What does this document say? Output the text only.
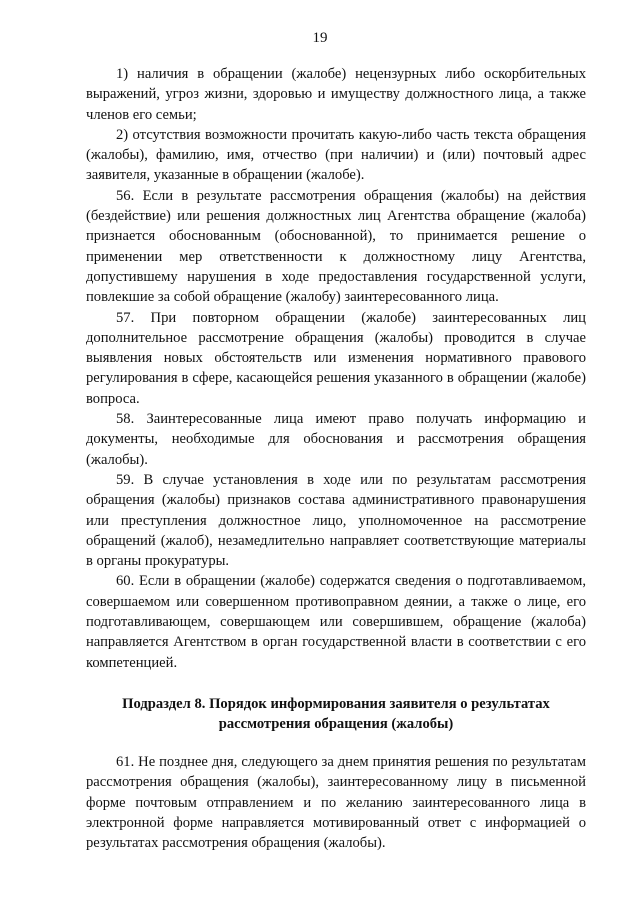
19

1) наличия в обращении (жалобе) нецензурных либо оскорбительных выражений, угроз жизни, здоровью и имуществу должностного лица, а также членов его семьи;

2) отсутствия возможности прочитать какую-либо часть текста обращения (жалобы), фамилию, имя, отчество (при наличии) и (или) почтовый адрес заявителя, указанные в обращении (жалобе).

56. Если в результате рассмотрения обращения (жалобы) на действия (бездействие) или решения должностных лиц Агентства обращение (жалоба) признается обоснованным (обоснованной), то принимается решение о применении мер ответственности к должностному лицу Агентства, допустившему нарушения в ходе предоставления государственной услуги, повлекшие за собой обращение (жалобу) заинтересованного лица.

57. При повторном обращении (жалобе) заинтересованных лиц дополнительное рассмотрение обращения (жалобы) проводится в случае выявления новых обстоятельств или изменения нормативного правового регулирования в сфере, касающейся решения указанного в обращении (жалобе) вопроса.

58. Заинтересованные лица имеют право получать информацию и документы, необходимые для обоснования и рассмотрения обращения (жалобы).

59. В случае установления в ходе или по результатам рассмотрения обращения (жалобы) признаков состава административного правонарушения или преступления должностное лицо, уполномоченное на рассмотрение обращений (жалоб), незамедлительно направляет соответствующие материалы в органы прокуратуры.

60. Если в обращении (жалобе) содержатся сведения о подготавливаемом, совершаемом или совершенном противоправном деянии, а также о лице, его подготавливающем, совершающем или совершившем, обращение (жалоба) направляется Агентством в орган государственной власти в соответствии с его компетенцией.

Подраздел 8. Порядок информирования заявителя о результатах
рассмотрения обращения (жалобы)

61. Не позднее дня, следующего за днем принятия решения по результатам рассмотрения обращения (жалобы), заинтересованному лицу в письменной форме почтовым отправлением и по желанию заинтересованного лица в электронной форме направляется мотивированный ответ с информацией о результатах рассмотрения обращения (жалобы).
